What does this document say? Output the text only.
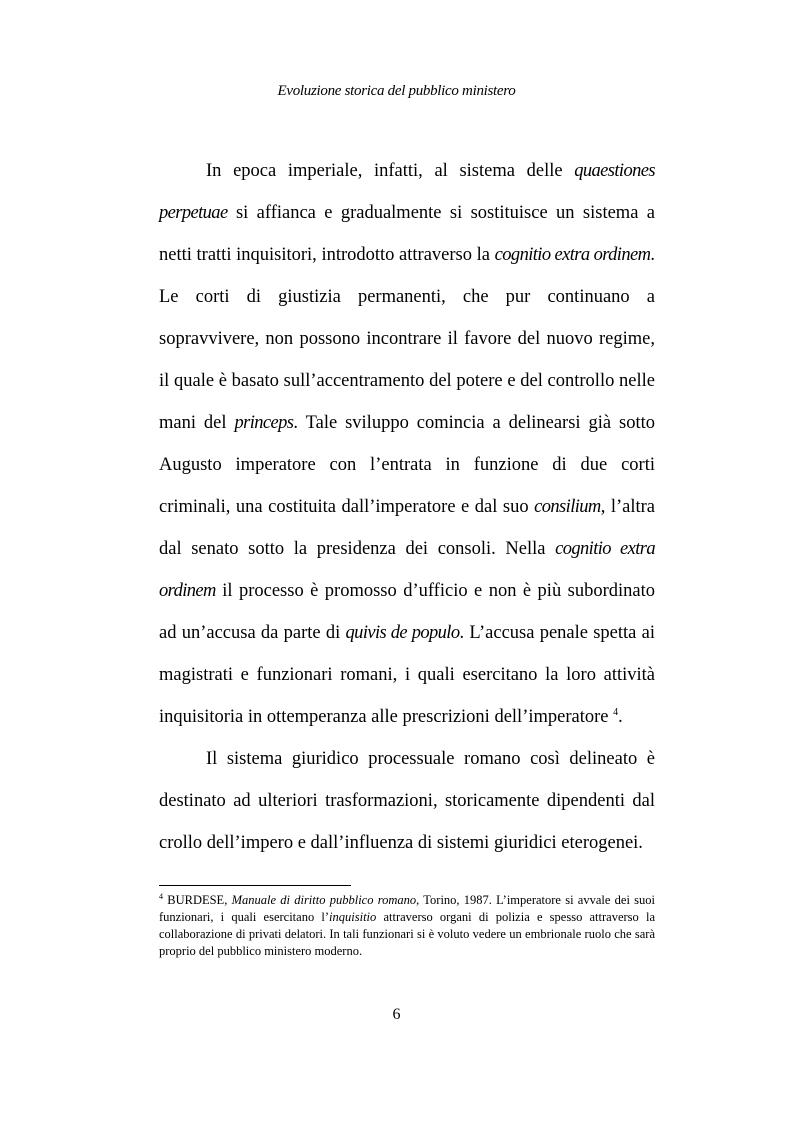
Evoluzione storica del pubblico ministero

In epoca imperiale, infatti, al sistema delle quaestiones perpetuae si affianca e gradualmente si sostituisce un sistema a netti tratti inquisitori, introdotto attraverso la cognitio extra ordinem. Le corti di giustizia permanenti, che pur continuano a sopravvivere, non possono incontrare il favore del nuovo regime, il quale è basato sull’accentramento del potere e del controllo nelle mani del princeps. Tale sviluppo comincia a delinearsi già sotto Augusto imperatore con l’entrata in funzione di due corti criminali, una costituita dall’imperatore e dal suo consilium, l’altra dal senato sotto la presidenza dei consoli. Nella cognitio extra ordinem il processo è promosso d’ufficio e non è più subordinato ad un’accusa da parte di quivis de populo. L’accusa penale spetta ai magistrati e funzionari romani, i quali esercitano la loro attività inquisitoria in ottemperanza alle prescrizioni dell’imperatore $^4$.

Il sistema giuridico processuale romano così delineato è destinato ad ulteriori trasformazioni, storicamente dipendenti dal crollo dell’impero e dall’influenza di sistemi giuridici eterogenei.

$^4$ BURDESE, Manuale di diritto pubblico romano, Torino, 1987. L’imperatore si avvale dei suoi funzionari, i quali esercitano l’inquisitio attraverso organi di polizia e spesso attraverso la collaborazione di privati delatori. In tali funzionari si è voluto vedere un embrionale ruolo che sarà proprio del pubblico ministero moderno.
6
